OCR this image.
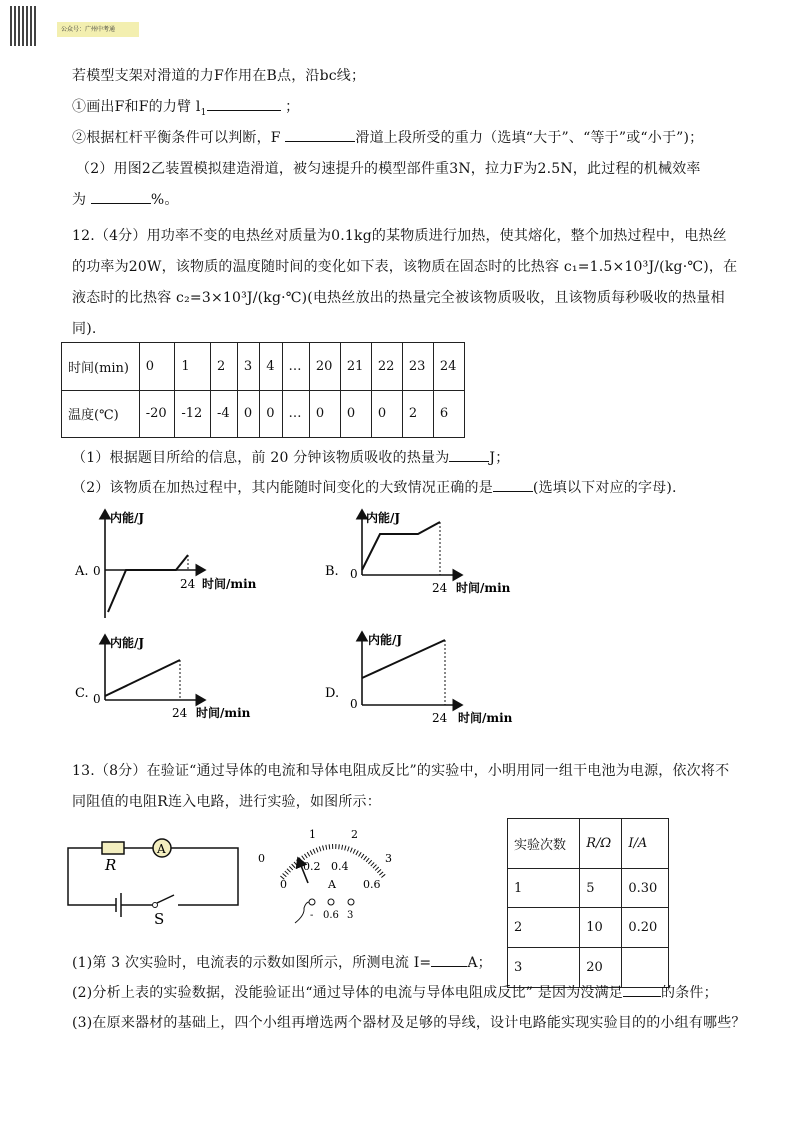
公众号：广州中考通
若模型支架对滑道的力F作用在B点，沿bc线；
①画出F和F的力臂 $l_1$	；
②根据杠杆平衡条件可以判断，F	滑道上段所受的重力（选填“大于”、“等于”或“小于”)；
（2）用图2乙装置模拟建造滑道，被匀速提升的模型部件重3N，拉力F为2.5N，此过程的机械效率
为	%。
12.（4分）用功率不变的电热丝对质量为0.1kg的某物质进行加热，使其熔化，整个加热过程中，电热丝
的功率为20W，该物质的温度随时间的变化如下表，该物质在固态时的比热容 c₁=1.5×10³J/(kg·℃)，在
液态时的比热容 c₂=3×10³J/(kg·℃)(电热丝放出的热量完全被该物质吸收，且该物质每秒吸收的热量相
同).
时间(min)	0	1	2	3	4	…	20	21	22	23	24
温度(℃)	-20	-12	-4	0	0	…	0	0	0	2	6
（1）根据题目所给的信息，前 20 分钟该物质吸收的热量为	J；
（2）该物质在加热过程中，其内能随时间变化的大致情况正确的是	(选填以下对应的字母).
A.
内能/J
0
24 时间/min
B.
内能/J
0
24 时间/min
C.
内能/J
0
24 时间/min
D.
内能/J
0
24 时间/min
13.（8分）在验证“通过导体的电流和导体电阻成反比”的实验中，小明用同一组干电池为电源，依次将不
同阻值的电阻R连入电路，进行实验，如图所示：
A
R
S
0
1	2
3
0
0.2 0.4
0.6
A
- 0.6 3
实验次数	R/Ω	I/A
1	5	0.30
2	10	0.20
3	20	
(1)第 3 次实验时，电流表的示数如图所示，所测电流 I=	A；
(2)分析上表的实验数据，没能验证出“通过导体的电流与导体电阻成反比” 是因为没满足	的条件；
(3)在原来器材的基础上，四个小组再增选两个器材及足够的导线，设计电路能实现实验目的的小组有哪些？
